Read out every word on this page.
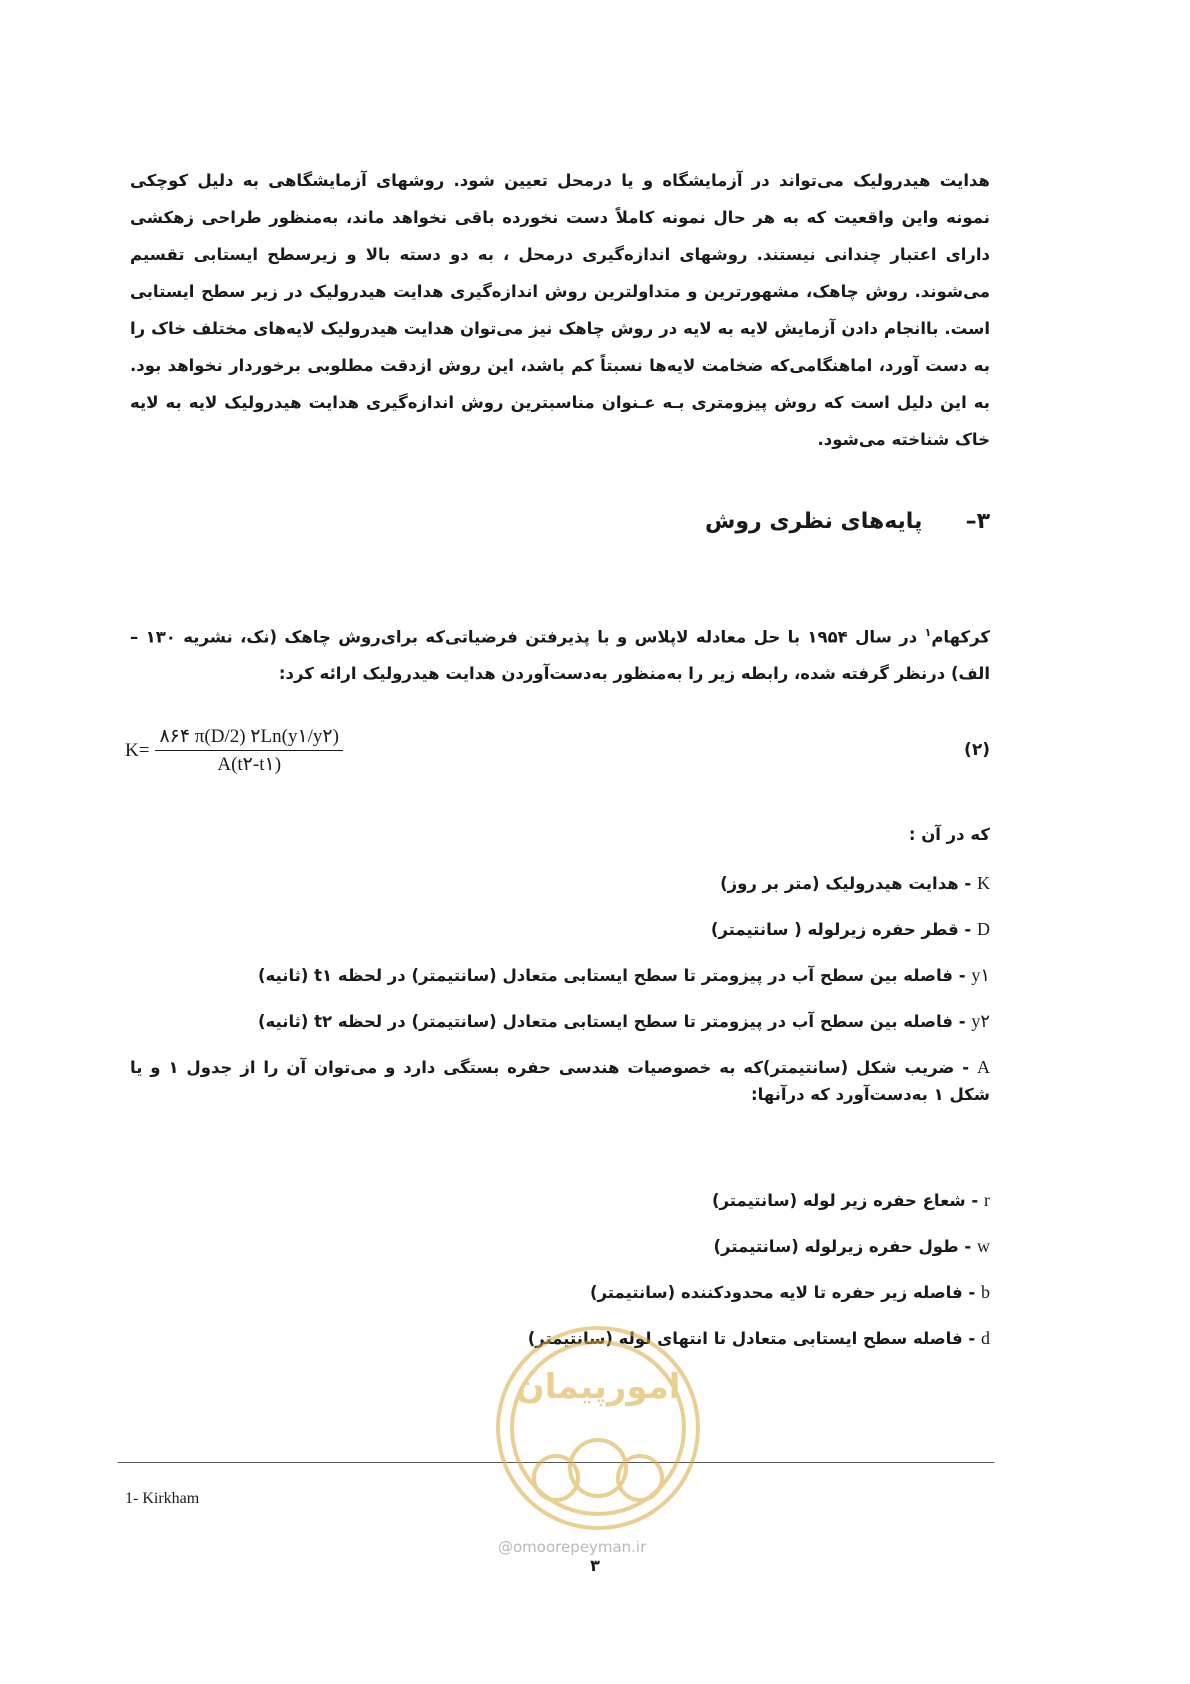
هدایت هیدرولیک می‌تواند در آزمایشگاه و یا درمحل تعیین شود. روشهای آزمایشگاهی به دلیل کوچکی نمونه واین واقعیت که به هر حال نمونه کاملاً دست نخورده باقی نخواهد ماند، به‌منظور طراحی زهکشی دارای اعتبار چندانی نیستند. روشهای اندازه‌گیری درمحل ، به دو دسته بالا و زیرسطح ایستابی تقسیم می‌شوند. روش چاهک، مشهورترین و متداولترین روش اندازه‌گیری هدایت هیدرولیک در زیر سطح ایستابی است. باانجام دادن آزمایش لایه به لایه در روش چاهک نیز می‌توان هدایت هیدرولیک لایه‌های مختلف خاک را به دست آورد، اماهنگامی‌که ضخامت لایه‌ها نسبتاً کم باشد، این روش ازدقت مطلوبی برخوردار نخواهد بود. به این دلیل است که روش پیزومتری بـه عـنوان مناسبترین روش اندازه‌گیری هدایت هیدرولیک لایه به لایه خاک شناخته می‌شود.

۳– پایه‌های نظری روش

کرکهام$^۱$ در سال ۱۹۵۴ با حل معادله لاپلاس و با پذیرفتن فرضیاتی‌که برای‌روش چاهک (نک، نشریه ۱۳۰ –الف) درنظر گرفته شده، رابطه زیر را به‌منظور به‌دست‌آوردن هدایت هیدرولیک ارائه کرد:

$K= \frac{۸۶۴ \pi(D/2) ۲Ln(y۱/y۲)}{A(t۲-t۱)}$	(۲)
که در آن :
K - هدایت هیدرولیک (متر بر روز)
D - قطر حفره زیرلوله ( سانتیمتر)
y۱ - فاصله بین سطح آب در پیزومتر تا سطح ایستابی متعادل (سانتیمتر) در لحظه t۱ (ثانیه)
y۲ - فاصله بین سطح آب در پیزومتر تا سطح ایستابی متعادل (سانتیمتر) در لحظه t۲ (ثانیه)
A - ضریب شکل (سانتیمتر)که به خصوصیات هندسی حفره بستگی دارد و می‌توان آن را از جدول ۱ و یا شکل ۱ به‌دست‌آورد که درآنها:
r - شعاع حفره زیر لوله (سانتیمتر)
w - طول حفره زیرلوله (سانتیمتر)
b - فاصله زیر حفره تا لایه محدودکننده (سانتیمتر)
d - فاصله سطح ایستابی متعادل تا انتهای لوله (سانتیمتر)
1- Kirkham
امورپیمان
@omoorepeyman.ir
۳
